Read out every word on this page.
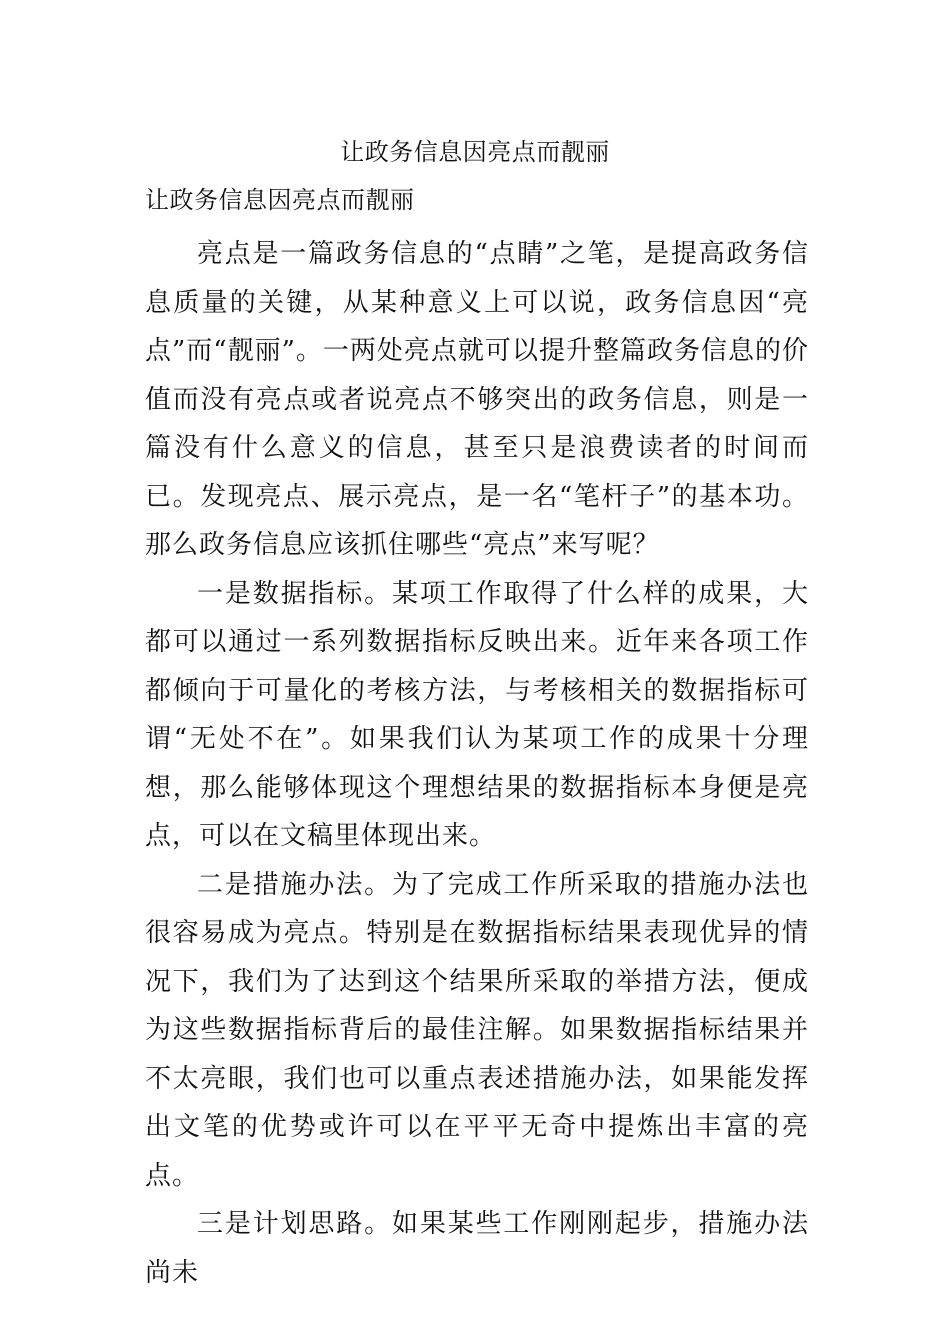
让政务信息因亮点而靓丽
让政务信息因亮点而靓丽

亮点是一篇政务信息的“点睛”之笔，是提高政务信息质量的关键，从某种意义上可以说，政务信息因“亮点”而“靓丽”。一两处亮点就可以提升整篇政务信息的价值而没有亮点或者说亮点不够突出的政务信息，则是一篇没有什么意义的信息，甚至只是浪费读者的时间而已。发现亮点、展示亮点，是一名“笔杆子”的基本功。那么政务信息应该抓住哪些“亮点”来写呢？

一是数据指标。某项工作取得了什么样的成果，大都可以通过一系列数据指标反映出来。近年来各项工作都倾向于可量化的考核方法，与考核相关的数据指标可谓“无处不在”。如果我们认为某项工作的成果十分理想，那么能够体现这个理想结果的数据指标本身便是亮点，可以在文稿里体现出来。

二是措施办法。为了完成工作所采取的措施办法也很容易成为亮点。特别是在数据指标结果表现优异的情况下，我们为了达到这个结果所采取的举措方法，便成为这些数据指标背后的最佳注解。如果数据指标结果并不太亮眼，我们也可以重点表述措施办法，如果能发挥出文笔的优势或许可以在平平无奇中提炼出丰富的亮点。

三是计划思路。如果某些工作刚刚起步，措施办法尚未
